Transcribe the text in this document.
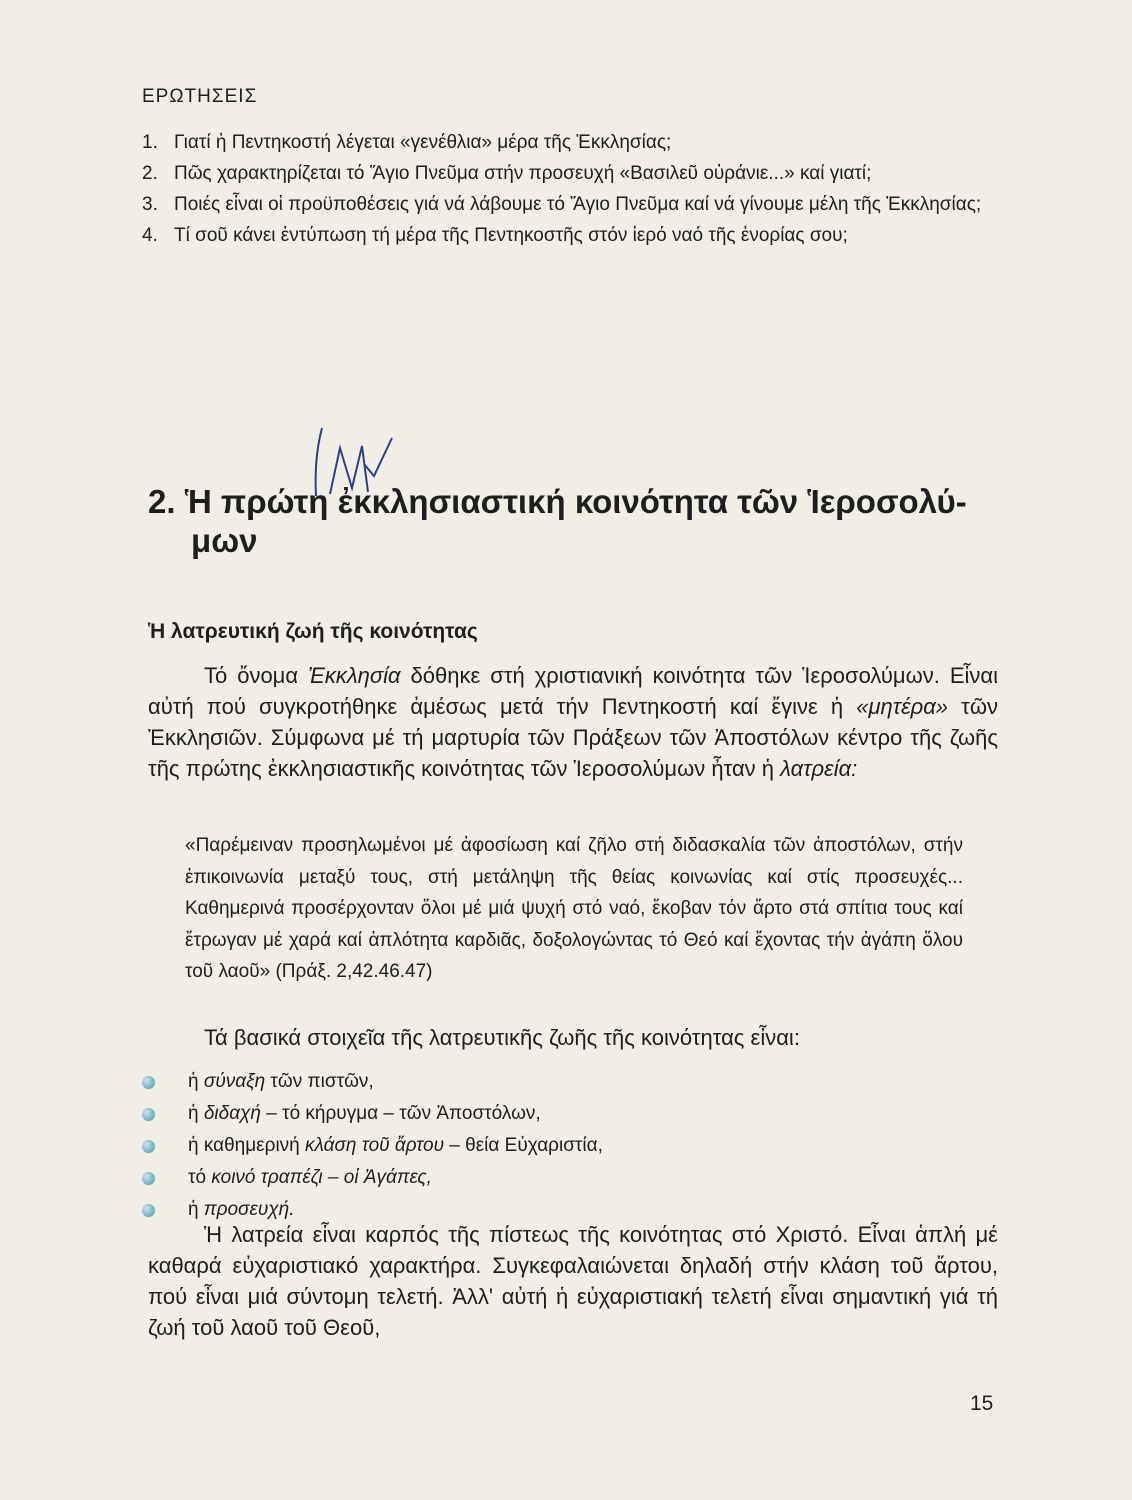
ΕΡΩΤΗΣΕΙΣ
1. Γιατί ἡ Πεντηκοστή λέγεται «γενέθλια» μέρα τῆς Ἐκκλησίας;
2. Πῶς χαρακτηρίζεται τό Ἅγιο Πνεῦμα στήν προσευχή «Βασιλεῦ οὐράνιε...» καί γιατί;
3. Ποιές εἶναι οἱ προϋποθέσεις γιά νά λάβουμε τό Ἅγιο Πνεῦμα καί νά γίνουμε μέλη τῆς Ἐκκλησίας;
4. Τί σοῦ κάνει ἐντύπωση τή μέρα τῆς Πεντηκοστῆς στόν ἱερό ναό τῆς ἐνορίας σου;
2. Ἡ πρώτη ἐκκλησιαστική κοινότητα τῶν Ἱεροσολύ-
μων
Ἡ λατρευτική ζωή τῆς κοινότητας

Τό ὄνομα Ἐκκλησία δόθηκε στή χριστιανική κοινότητα τῶν Ἱεροσολύμων. Εἶναι αὐτή πού συγκροτήθηκε ἀμέσως μετά τήν Πεντηκοστή καί ἔγινε ἡ «μητέρα» τῶν Ἐκκλησιῶν. Σύμφωνα μέ τή μαρτυρία τῶν Πράξεων τῶν Ἀποστόλων κέντρο τῆς ζωῆς τῆς πρώτης ἐκκλησιαστικῆς κοινότητας τῶν Ἱεροσολύμων ἦταν ἡ λατρεία:

«Παρέμειναν προσηλωμένοι μέ ἀφοσίωση καί ζῆλο στή διδασκαλία τῶν ἀποστόλων, στήν ἐπικοινωνία μεταξύ τους, στή μετάληψη τῆς θείας κοινωνίας καί στίς προσευχές... Καθημερινά προσέρχονταν ὅλοι μέ μιά ψυχή στό ναό, ἔκοβαν τόν ἄρτο στά σπίτια τους καί ἔτρωγαν μέ χαρά καί ἁπλότητα καρδιᾶς, δοξολογώντας τό Θεό καί ἔχοντας τήν ἀγάπη ὅλου τοῦ λαοῦ» (Πράξ. 2,42.46.47)

Τά βασικά στοιχεῖα τῆς λατρευτικῆς ζωῆς τῆς κοινότητας εἶναι:

ἡ σύναξη τῶν πιστῶν,
ἡ διδαχή – τό κήρυγμα – τῶν Ἀποστόλων,
ἡ καθημερινή κλάση τοῦ ἄρτου – θεία Εὐχαριστία,
τό κοινό τραπέζι – οἱ Ἀγάπες,
ἡ προσευχή.

Ἡ λατρεία εἶναι καρπός τῆς πίστεως τῆς κοινότητας στό Χριστό. Εἶναι ἁπλή μέ καθαρά εὐχαριστιακό χαρακτήρα. Συγκεφαλαιώνεται δηλαδή στήν κλάση τοῦ ἄρτου, πού εἶναι μιά σύντομη τελετή. Ἀλλ' αὐτή ἡ εὐχαριστιακή τελετή εἶναι σημαντική γιά τή ζωή τοῦ λαοῦ τοῦ Θεοῦ,

15
